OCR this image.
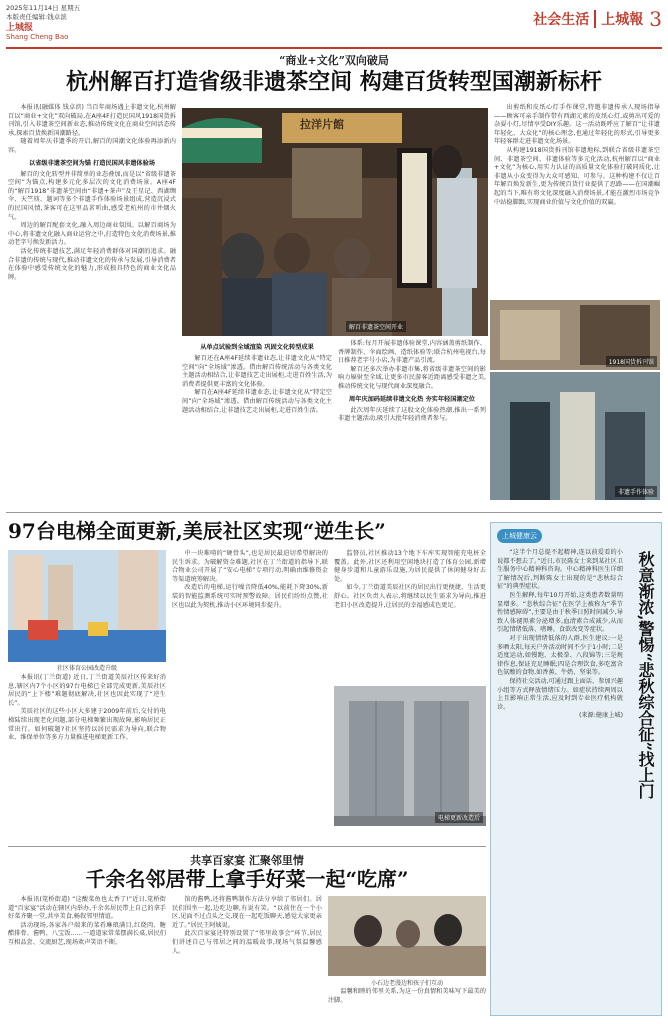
2025年11月14日 星期五
本版责任编辑:钱卓滨
上城报
Shang Cheng Bao
社会生活 上城報 3
“商业+文化”双向破局
杭州解百打造省级非遗茶空间 构建百货转型国潮新标杆

本报讯(融媒体 钱卓滨) 当百年商场遇上非遗文化,杭州解百以“商业+文化”双向破局,在A座4F打造民国风1918国货拆刊馆,引入非遗茶空间新业态,推动传统文化在商业空间活态传承,探索百货焕新国潮路径。

随着周年庆非遗季的开启,解百的国潮文化体验再添新内容。

以省级非遗茶空间为锚 打造民国风非遗体验场

解百的文化转型并非简单的业态叠加,而是以“省级非遗茶空间”为锚点,构建多元化多层次的文化消费场景。A座4F的“解百1918”非遗茶空间由“非遗+茶声”及王星记、西湖绸伞、天竺筷、题词等多个非遗手作体验场景组成,营造沉浸式的民国风情,茶客可在这里品茗听曲,感受老杭州的市井烟火气。

周边的解百配套文化,融入周边商业氛围。以解百商场为中心,将非遗文化融入商业运营之中,打造特色文化消费场景,推动老字号焕发新活力。

活化传统非遗技艺,满足年轻消费群体对国潮的追求。融合非遗的传统与现代,推动非遗文化的传承与发展,引导消费者在体验中感受传统文化的魅力,形成独具特色的商业文化品牌。

拉洋片館
解百非遗茶空间开业
1918国货拆刊馆
非遗手作体验
从单点试验到全域渲染 巩固文化转型成果

解百还在A座4F延续非遗业态,让非遗文化从“特定空间”向“全场域”渗透。借由解百传统活动与各类文化主题活动相结合,让非遗技艺走出展柜,走进百姓生活,为消费者提供更丰富的文化体验。

解百在A座4F延续非遗业态,让非遗文化从“特定空间”向“全场域”渗透。借由解百传统活动与各类文化主题活动相结合,让非遗技艺走出展柜,走进百姓生活。

体系:每月开展非遗体验课堂,内容涵盖剪纸制作、香牌制作、伞面绘画、造纸体验等;联合杭州电视台,每日推荐老字号小店,为非遗产品引流。

解百还多次举办非遗市集,将省级非遗茶空间的影响力辐射至全域,让更多市民游客近距离感受非遗之美,推动传统文化与现代商业深度融合。

周年庆加码延续非遗文化热 夯实年轻国潮定位

此次周年庆延续了这股文化体验热潮,推出一系列非遗主题活动,吸引大批年轻消费者参与。

出剪纸和皮纸心灯手作课堂,特邀非遗传承人现场指导——顾客可亲手制作带有西湖元素的皮纸心灯,或剪出可爱的杂耍小灯,尽情享受DIY乐趣。这一活动既呼应了解百“让非遗年轻化、大众化”的核心理念,也通过年轻化的形式,引导更多年轻客群走进非遗文化场景。

从构建1918国货拆刊馆非遗地标,到联合省级非遗茶空间、非遗茶空间、非遗体验等多元化活动,杭州解百以“商业+文化”为核心,用实力认证的高质量文化体验打破同质化,让非遗从小众变得为大众可感知、可参与。这种构建不仅让百年解百焕发新生,更为传统百货行业提供了思路——在国潮崛起的当下,唯有将文化深度融入消费场景,才能在激烈市场竞争中站稳脚跟,实现商业价值与文化价值的双赢。

97台电梯全面更新,美辰社区实现“逆生长”
社区体育公园改造升级

本报讯(丁兰街道) 近日,丁兰街道美辰社区传来好消息,辖区内7个小区的97台电梯已全部完成更新,美辰社区居民的“上下楼”难题彻底解决,社区也因此实现了“逆生长”。

美辰社区的这些小区大多建于2009年前后,交付的电梯陆续出现老化问题,部分电梯频繁出现故障,影响居民正常出行。如何破题?社区坚持以居民需求为导向,联合物业、维保单位等多方力量推进电梯更新工作。

中一块难啃的“硬骨头”,也是居民最迫切希望解决的民生诉求。为破解资金难题,社区在丁兰街道的指导下,联合物业公司开展了“安心电梯”专项行动,明确由维修资金等渠道统筹解决。

改造后的电梯,运行噪音降低40%,能耗下降30%,新装的智能监测系统可实时预警故障。居民们纷纷点赞,社区也以此为契机,推动小区环境同步提升。

监督员,社区推动13个地下车库实现智能充电桩全覆盖。此外,社区还利用空闲地块打造了体育公园,新增健身步道和儿童游乐设施,为居民提供了休闲健身好去处。

如今,丁兰街道美辰社区的居民出行更便捷、生活更舒心。社区负责人表示,将继续以民生需求为导向,推进老旧小区改造提升,让居民的幸福感成色更足。

电梯更新改造后
上城健康云
秋意渐浓,警惕“悲秋综合征”找上门

“这半个月总提不起精神,连以前爱看的小说都不想去了。”近日,市民陈女士来到某社区卫生服务中心精神科咨询。中心精神科医生详细了解情况后,判断陈女士出现的是“悲秋综合征”的典型症状。

医生解释,每年10月开始,这类患者数量明显增多。“悲秋综合征”在医学上被称为“季节性情感障碍”,主要是由于秋季日照时间减少,导致人体褪黑素分泌增多,血清素合成减少,从而引起情绪低落、嗜睡、食欲改变等症状。

对于出现情绪低落的人群,医生建议:一是多晒太阳,每天户外活动时间不少于1小时;二是适度运动,如慢跑、太极拳、八段锦等;三是规律作息,保证充足睡眠;四是合理饮食,多吃富含色氨酸的食物,如香蕉、牛奶、坚果等。

保持社交活动,可通过跟上面话、参加兴趣小组等方式释放情绪压力。如症状持续两周以上且影响正常生活,应及时到专业医疗机构就诊。

(来源:健康上城)
共享百家宴 汇聚邻里情
千余名邻居带上拿手好菜一起“吃席”

本报讯(笕桥街道) “这酸菜鱼也太香了!”近日,笕桥街道“百家宴”活动在辖区内举办,千余名居民带上自己的拿手好菜齐聚一堂,共享美食,畅叙邻里情谊。

活动现场,各家各户端来的菜肴琳琅满目,红烧肉、糖醋排骨、酱鸭、八宝饭……一道道家常菜摆满长桌,居民们互相品尝、交流厨艺,现场欢声笑语不断。

馆的酱鸭,还将酱鸭制作方法分享给了邻居们。居民们围坐一起,边吃边聊,有说有笑。“以前住在一个小区,见面不过点头之交,现在一起吃饭聊天,感觉大家更亲近了。”居民王阿姨说。

此次百家宴还特别设置了“邻里故事会”环节,居民们讲述自己与邻居之间的温暖故事,现场气氛温馨感人。

小石边老漫边和孩子们互动

温馨和睦的邻里关系,为这一份真情和美味写下最美的注脚。
